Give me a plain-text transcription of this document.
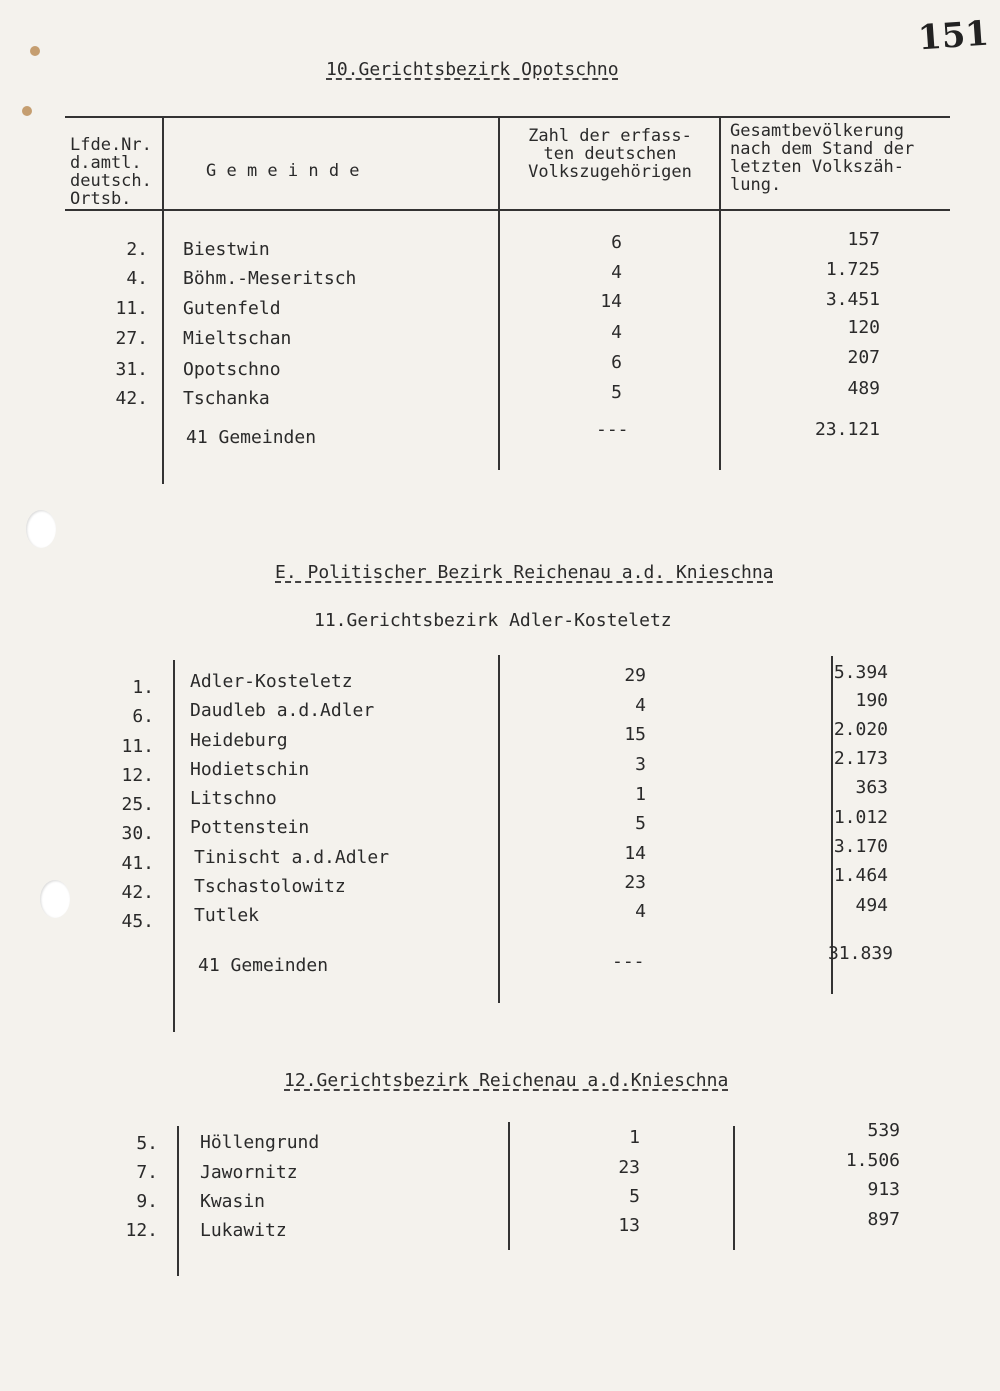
151
10.Gerichtsbezirk Opotschno
Lfde.Nr.
d.amtl.
deutsch.
Ortsb.
G e m e i n d e
Zahl der erfass-
ten deutschen
Volkszugehörigen
Gesamtbevölkerung
nach dem Stand der
letzten Volkszäh-
lung.
2. Biestwin	6	157
4. Böhm.-Meseritsch	4	1.725
11. Gutenfeld	14	3.451
27. Mieltschan	4	120
31. Opotschno	6	207
42. Tschanka	5	489
41 Gemeinden	---	23.121
E. Politischer Bezirk Reichenau a.d. Knieschna
11.Gerichtsbezirk Adler-Kosteletz
1. Adler-Kosteletz	29	5.394
6. Daudleb a.d.Adler	4	190
11. Heideburg	15	2.020
12. Hodietschin	3	2.173
25. Litschno	1	363
30. Pottenstein	5	1.012
41. Tinischt a.d.Adler	14	3.170
42. Tschastolowitz	23	1.464
45. Tutlek	4	494
41 Gemeinden	---	31.839
12.Gerichtsbezirk Reichenau a.d.Knieschna
5. Höllengrund	1	539
7. Jawornitz	23	1.506
9. Kwasin	5	913
12. Lukawitz	13	897
